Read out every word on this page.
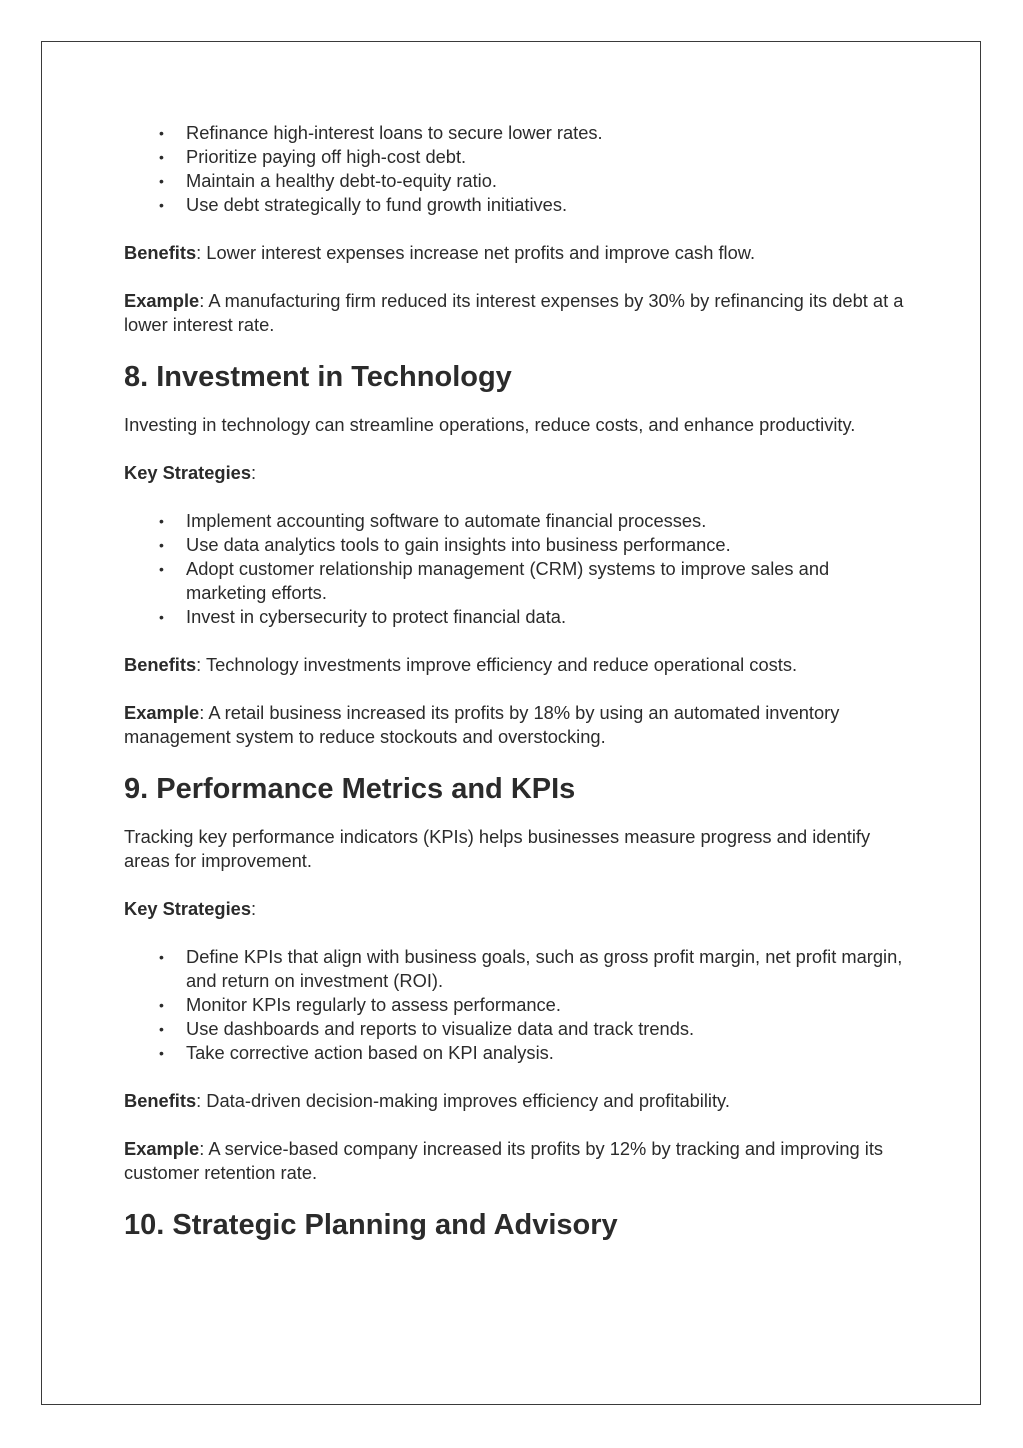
• Refinance high-interest loans to secure lower rates.
• Prioritize paying off high-cost debt.
• Maintain a healthy debt-to-equity ratio.
• Use debt strategically to fund growth initiatives.

Benefits: Lower interest expenses increase net profits and improve cash flow.

Example: A manufacturing firm reduced its interest expenses by 30% by refinancing its debt at a lower interest rate.

8. Investment in Technology

Investing in technology can streamline operations, reduce costs, and enhance productivity.

Key Strategies:

• Implement accounting software to automate financial processes.
• Use data analytics tools to gain insights into business performance.
• Adopt customer relationship management (CRM) systems to improve sales and marketing efforts.
• Invest in cybersecurity to protect financial data.

Benefits: Technology investments improve efficiency and reduce operational costs.

Example: A retail business increased its profits by 18% by using an automated inventory management system to reduce stockouts and overstocking.

9. Performance Metrics and KPIs

Tracking key performance indicators (KPIs) helps businesses measure progress and identify areas for improvement.

Key Strategies:

• Define KPIs that align with business goals, such as gross profit margin, net profit margin, and return on investment (ROI).
• Monitor KPIs regularly to assess performance.
• Use dashboards and reports to visualize data and track trends.
• Take corrective action based on KPI analysis.

Benefits: Data-driven decision-making improves efficiency and profitability.

Example: A service-based company increased its profits by 12% by tracking and improving its customer retention rate.

10. Strategic Planning and Advisory
